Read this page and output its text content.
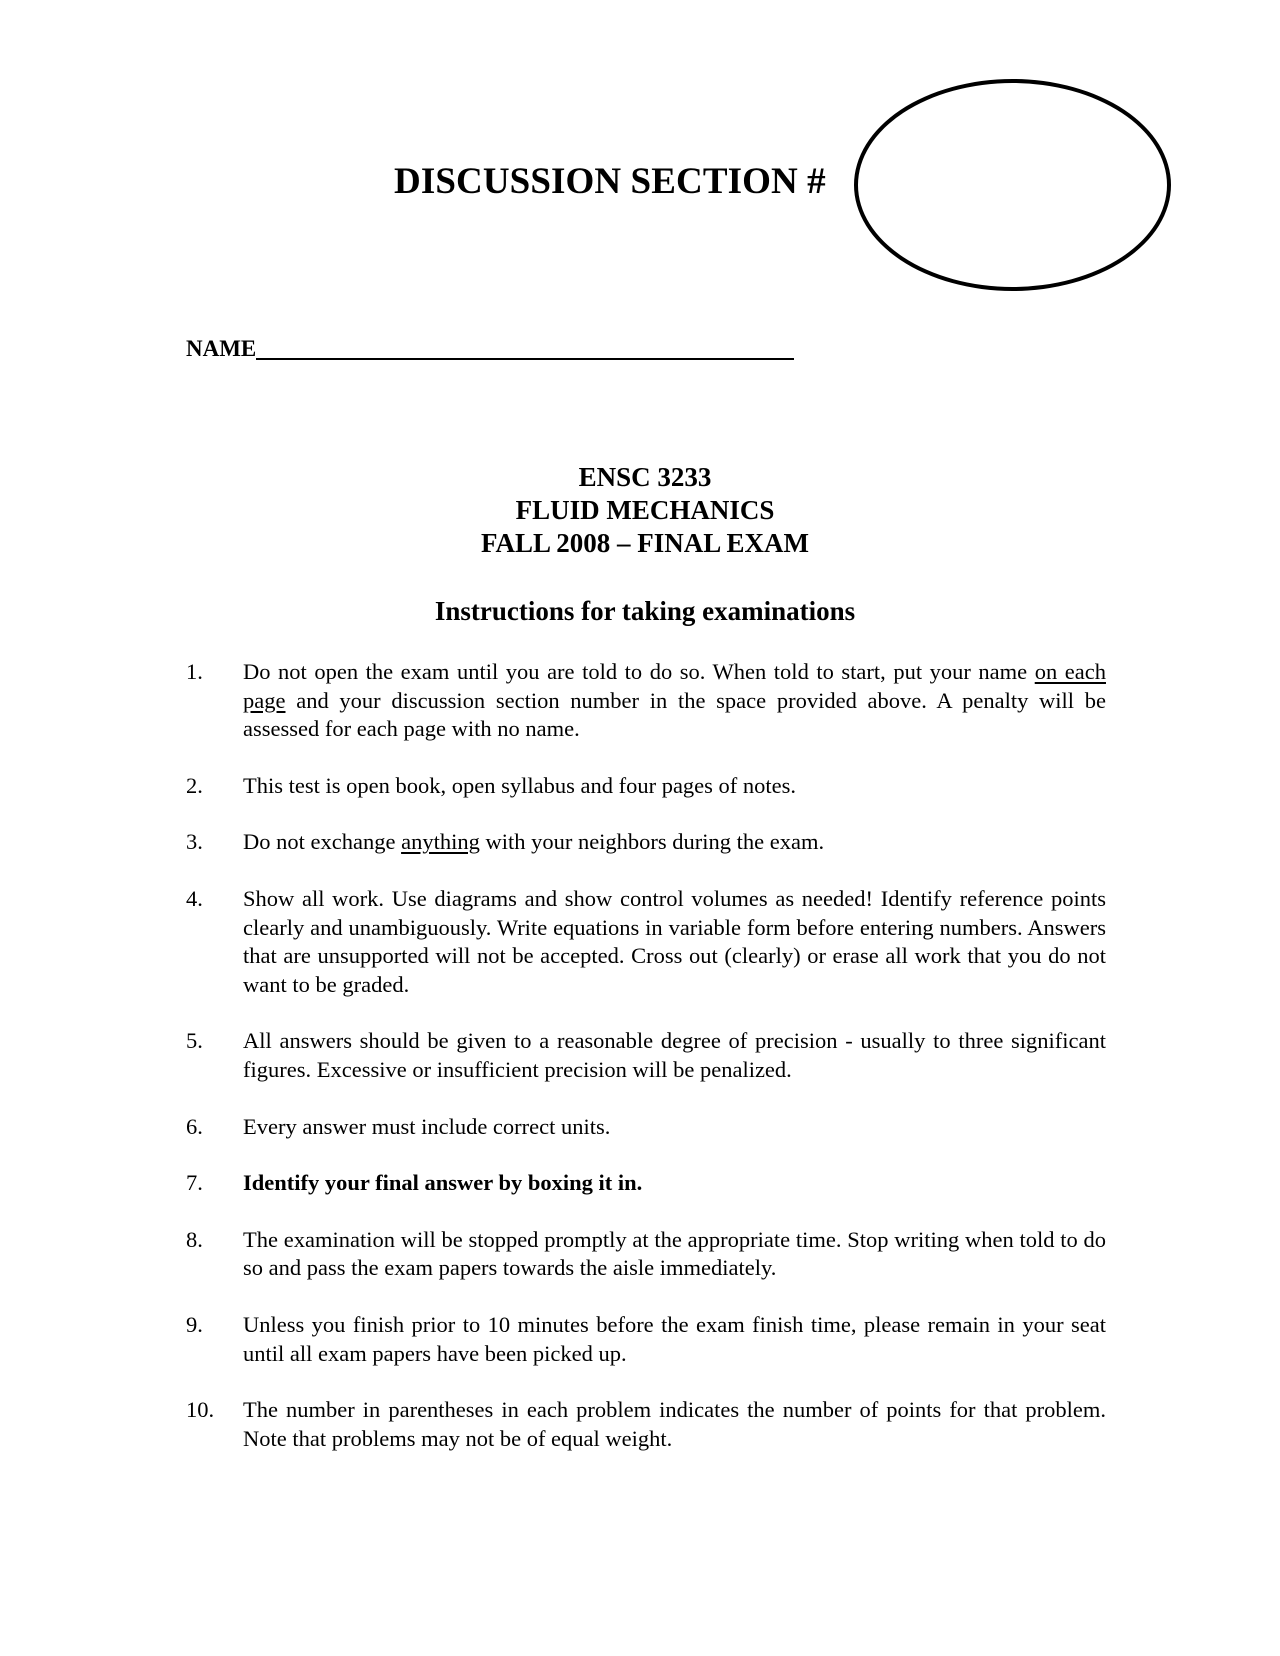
DISCUSSION SECTION #
NAME
ENSC 3233
FLUID MECHANICS
FALL 2008 – FINAL EXAM
Instructions for taking examinations
1.	Do not open the exam until you are told to do so. When told to start, put your name on each page and your discussion section number in the space provided above. A penalty will be assessed for each page with no name.
2.	This test is open book, open syllabus and four pages of notes.
3.	Do not exchange anything with your neighbors during the exam.
4.	Show all work. Use diagrams and show control volumes as needed! Identify reference points clearly and unambiguously. Write equations in variable form before entering numbers. Answers that are unsupported will not be accepted. Cross out (clearly) or erase all work that you do not want to be graded.
5.	All answers should be given to a reasonable degree of precision - usually to three significant figures. Excessive or insufficient precision will be penalized.
6.	Every answer must include correct units.
7.	Identify your final answer by boxing it in.
8.	The examination will be stopped promptly at the appropriate time. Stop writing when told to do so and pass the exam papers towards the aisle immediately.
9.	Unless you finish prior to 10 minutes before the exam finish time, please remain in your seat until all exam papers have been picked up.
10.	The number in parentheses in each problem indicates the number of points for that problem. Note that problems may not be of equal weight.
